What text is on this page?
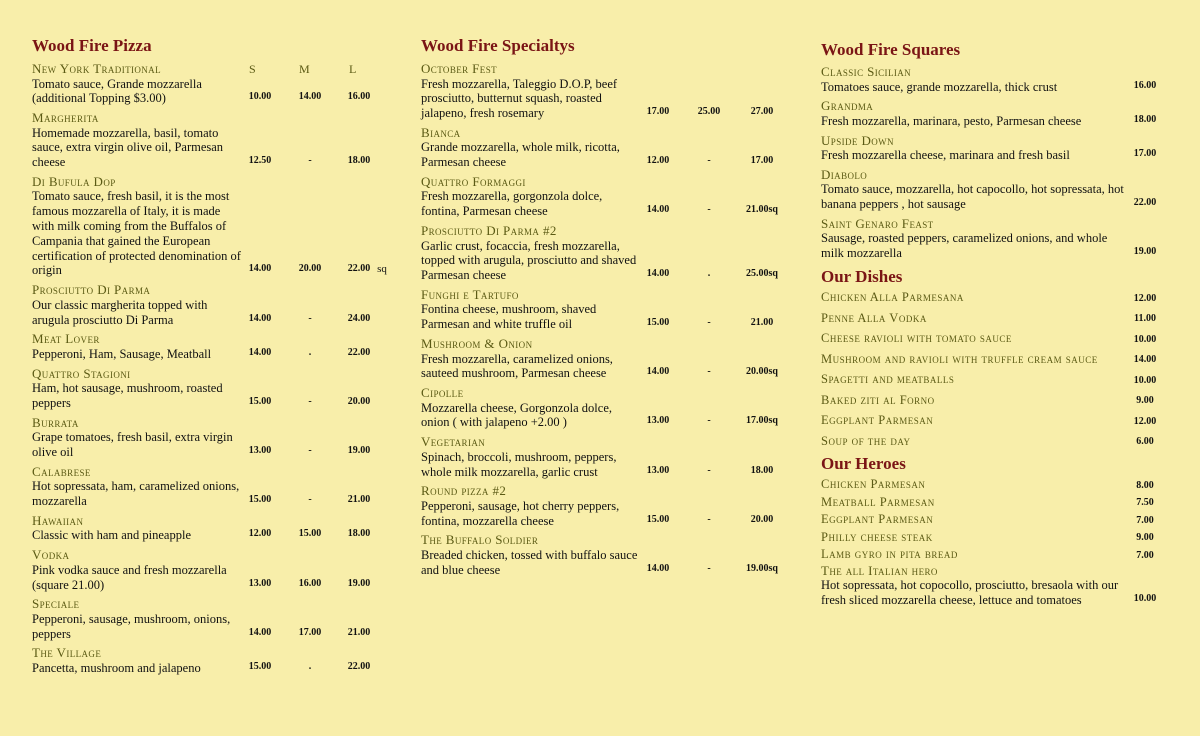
Wood Fire Pizza
New York Traditional	S	M	L
Tomato sauce, Grande mozzarella (additional Topping $3.00)	10.00	14.00	16.00
Margherita
Homemade mozzarella, basil, tomato sauce, extra virgin olive oil, Parmesan cheese	12.50	-	18.00
Di Bufula Dop
Tomato sauce, fresh basil, it is the most famous mozzarella of Italy, it is made with milk coming from the Buffalos of Campania that gained the European certification of protected denomination of origin	14.00	20.00	22.00 sq
Prosciutto Di Parma
Our classic margherita topped with arugula prosciutto Di Parma	14.00	-	24.00
Meat Lover
Pepperoni, Ham, Sausage, Meatball	14.00	.	22.00
Quattro Stagioni
Ham, hot sausage, mushroom, roasted peppers	15.00	-	20.00
Burrata
Grape tomatoes, fresh basil, extra virgin olive oil	13.00	-	19.00
Calabrese
Hot sopressata, ham, caramelized onions, mozzarella	15.00	-	21.00
Hawaiian
Classic with ham and pineapple	12.00	15.00	18.00
Vodka
Pink vodka sauce and fresh mozzarella (square 21.00)	13.00	16.00	19.00
Speciale
Pepperoni, sausage, mushroom, onions, peppers	14.00	17.00	21.00
The Village
Pancetta, mushroom and jalapeno	15.00	.	22.00
Wood Fire Specialtys
October Fest
Fresh mozzarella, Taleggio D.O.P, beef prosciutto, butternut squash, roasted jalapeno, fresh rosemary	17.00	25.00	27.00
Bianca
Grande mozzarella, whole milk, ricotta, Parmesan cheese	12.00	-	17.00
Quattro Formaggi
Fresh mozzarella, gorgonzola dolce, fontina, Parmesan cheese	14.00	-	21.00sq
Prosciutto Di Parma #2
Garlic crust, focaccia, fresh mozzarella, topped with arugula, prosciutto and shaved Parmesan cheese	14.00	.	25.00sq
Funghi e Tartufo
Fontina cheese, mushroom, shaved Parmesan and white truffle oil	15.00	-	21.00
Mushroom & Onion
Fresh mozzarella, caramelized onions, sauteed mushroom, Parmesan cheese	14.00	-	20.00sq
Cipolle
Mozzarella cheese, Gorgonzola dolce, onion ( with jalapeno +2.00 )	13.00	-	17.00sq
Vegetarian
Spinach, broccoli, mushroom, peppers, whole milk mozzarella, garlic crust	13.00	-	18.00
Round pizza #2
Pepperoni, sausage, hot cherry peppers, fontina, mozzarella cheese	15.00	-	20.00
The Buffalo Soldier
Breaded chicken, tossed with buffalo sauce and blue cheese	14.00	-	19.00sq
Wood Fire Squares
Classic Sicilian
Tomatoes sauce, grande mozzarella, thick crust	16.00
Grandma
Fresh mozzarella, marinara, pesto, Parmesan cheese	18.00
Upside Down
Fresh mozzarella cheese, marinara and fresh basil	17.00
Diabolo
Tomato sauce, mozzarella, hot capocollo, hot sopressata, hot banana peppers , hot sausage	22.00
Saint Genaro Feast
Sausage, roasted peppers, caramelized onions, and whole milk mozzarella	19.00
Our Dishes
Chicken Alla Parmesana	12.00
Penne Alla Vodka	11.00
Cheese ravioli with tomato sauce	10.00
Mushroom and ravioli with truffle cream sauce	14.00
Spagetti and meatballs	10.00
Baked ziti al Forno	9.00
Eggplant Parmesan	12.00
Soup of the day	6.00
Our Heroes
Chicken Parmesan	8.00
Meatball Parmesan	7.50
Eggplant Parmesan	7.00
Philly cheese steak	9.00
Lamb gyro in pita bread	7.00
The all Italian hero
Hot sopressata, hot copocollo, prosciutto, bresaola with our fresh sliced mozzarella cheese, lettuce and tomatoes	10.00
